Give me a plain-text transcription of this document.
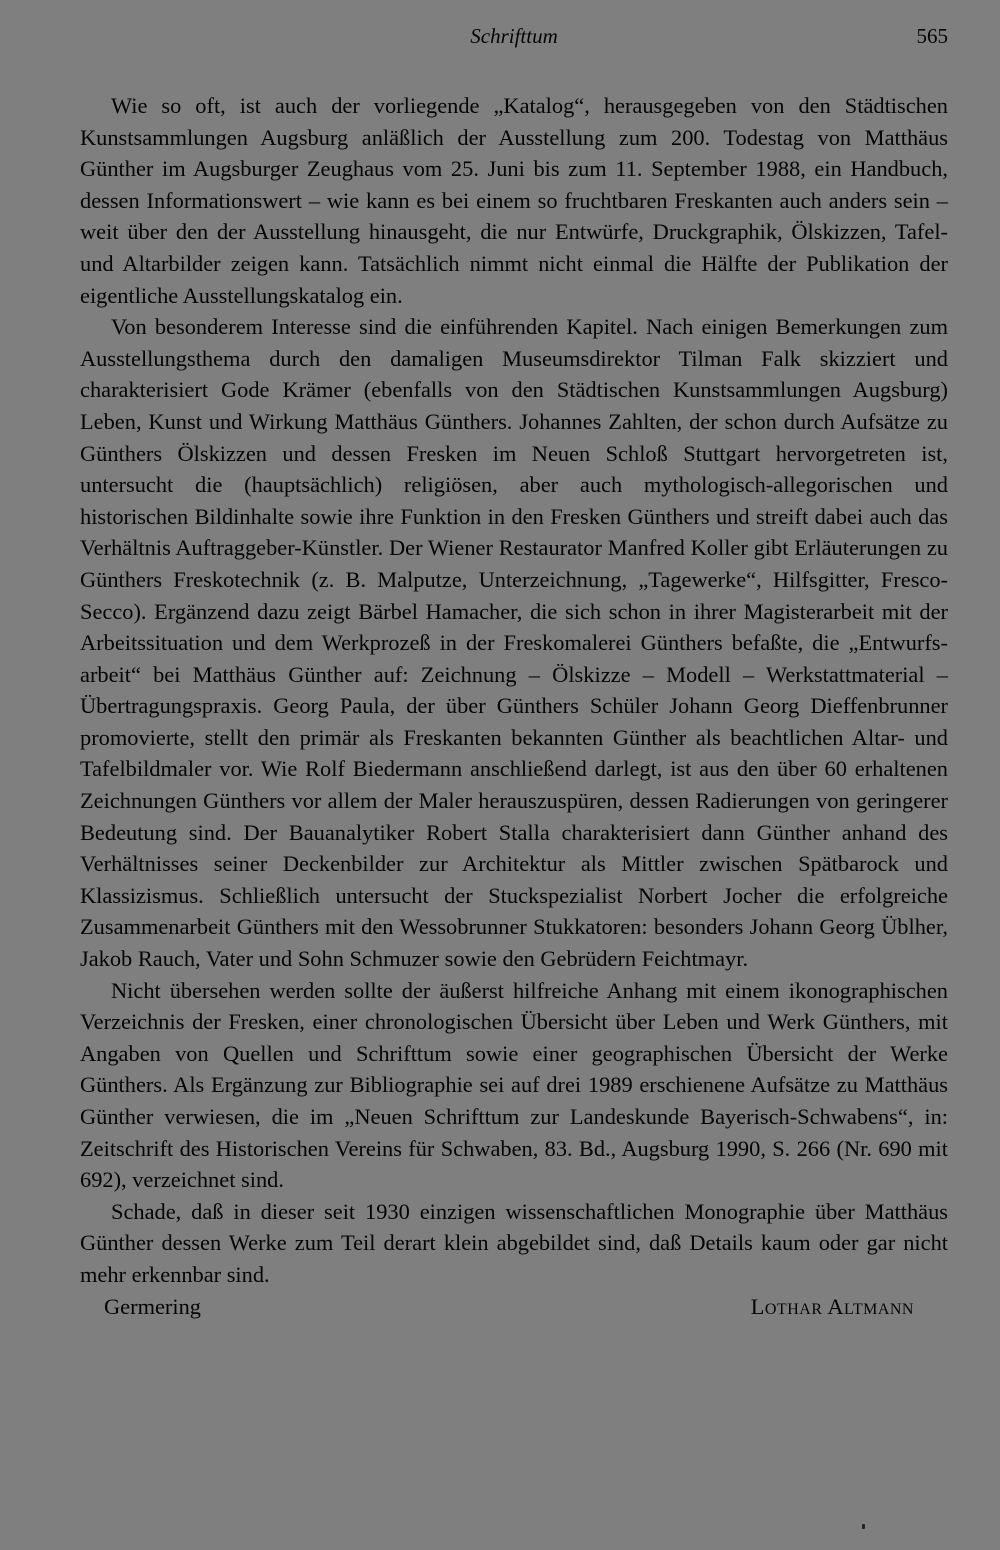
Schrifttum	565

Wie so oft, ist auch der vorliegende „Katalog“, herausgegeben von den Städtischen Kunstsammlungen Augsburg anläßlich der Ausstellung zum 200. Todestag von Matthäus Günther im Augsburger Zeughaus vom 25. Juni bis zum 11. September 1988, ein Handbuch, dessen Informationswert – wie kann es bei einem so fruchtbaren Freskanten auch anders sein – weit über den der Ausstellung hinausgeht, die nur Entwürfe, Druckgraphik, Ölskizzen, Tafel- und Altarbilder zeigen kann. Tatsächlich nimmt nicht einmal die Hälfte der Publikation der eigentliche Ausstellungskatalog ein.

Von besonderem Interesse sind die einführenden Kapitel. Nach einigen Bemerkungen zum Ausstellungsthema durch den damaligen Museumsdirektor Tilman Falk skizziert und charakterisiert Gode Krämer (ebenfalls von den Städtischen Kunstsammlungen Augsburg) Leben, Kunst und Wirkung Matthäus Günthers. Johannes Zahlten, der schon durch Aufsätze zu Günthers Ölskizzen und dessen Fresken im Neuen Schloß Stuttgart hervorgetreten ist, untersucht die (hauptsächlich) religiösen, aber auch mythologisch-allegorischen und historischen Bildinhalte sowie ihre Funktion in den Fresken Günthers und streift dabei auch das Verhältnis Auftraggeber-Künstler. Der Wiener Restaurator Manfred Koller gibt Erläuterungen zu Günthers Freskotechnik (z. B. Malputze, Unterzeichnung, „Tagewerke“, Hilfsgitter, Fresco-Secco). Ergänzend dazu zeigt Bärbel Hamacher, die sich schon in ihrer Magisterarbeit mit der Arbeitssituation und dem Werkprozeß in der Freskomalerei Günthers befaßte, die „Entwurfsarbeit“ bei Matthäus Günther auf: Zeichnung – Ölskizze – Modell – Werkstattmaterial – Übertragungspraxis. Georg Paula, der über Günthers Schüler Johann Georg Dieffenbrunner promovierte, stellt den primär als Freskanten bekannten Günther als beachtlichen Altar- und Tafelbildmaler vor. Wie Rolf Biedermann anschließend darlegt, ist aus den über 60 erhaltenen Zeichnungen Günthers vor allem der Maler herauszuspüren, dessen Radierungen von geringerer Bedeutung sind. Der Bauanalytiker Robert Stalla charakterisiert dann Günther anhand des Verhältnisses seiner Deckenbilder zur Architektur als Mittler zwischen Spätbarock und Klassizismus. Schließlich untersucht der Stuckspezialist Norbert Jocher die erfolgreiche Zusammenarbeit Günthers mit den Wessobrunner Stukkatoren: besonders Johann Georg Üblher, Jakob Rauch, Vater und Sohn Schmuzer sowie den Gebrüdern Feichtmayr.

Nicht übersehen werden sollte der äußerst hilfreiche Anhang mit einem ikonographischen Verzeichnis der Fresken, einer chronologischen Übersicht über Leben und Werk Günthers, mit Angaben von Quellen und Schrifttum sowie einer geographischen Übersicht der Werke Günthers. Als Ergänzung zur Bibliographie sei auf drei 1989 erschienene Aufsätze zu Matthäus Günther verwiesen, die im „Neuen Schrifttum zur Landeskunde Bayerisch-Schwabens“, in: Zeitschrift des Historischen Vereins für Schwaben, 83. Bd., Augsburg 1990, S. 266 (Nr. 690 mit 692), verzeichnet sind.

Schade, daß in dieser seit 1930 einzigen wissenschaftlichen Monographie über Matthäus Günther dessen Werke zum Teil derart klein abgebildet sind, daß Details kaum oder gar nicht mehr erkennbar sind.

Germering	Lothar Altmann
